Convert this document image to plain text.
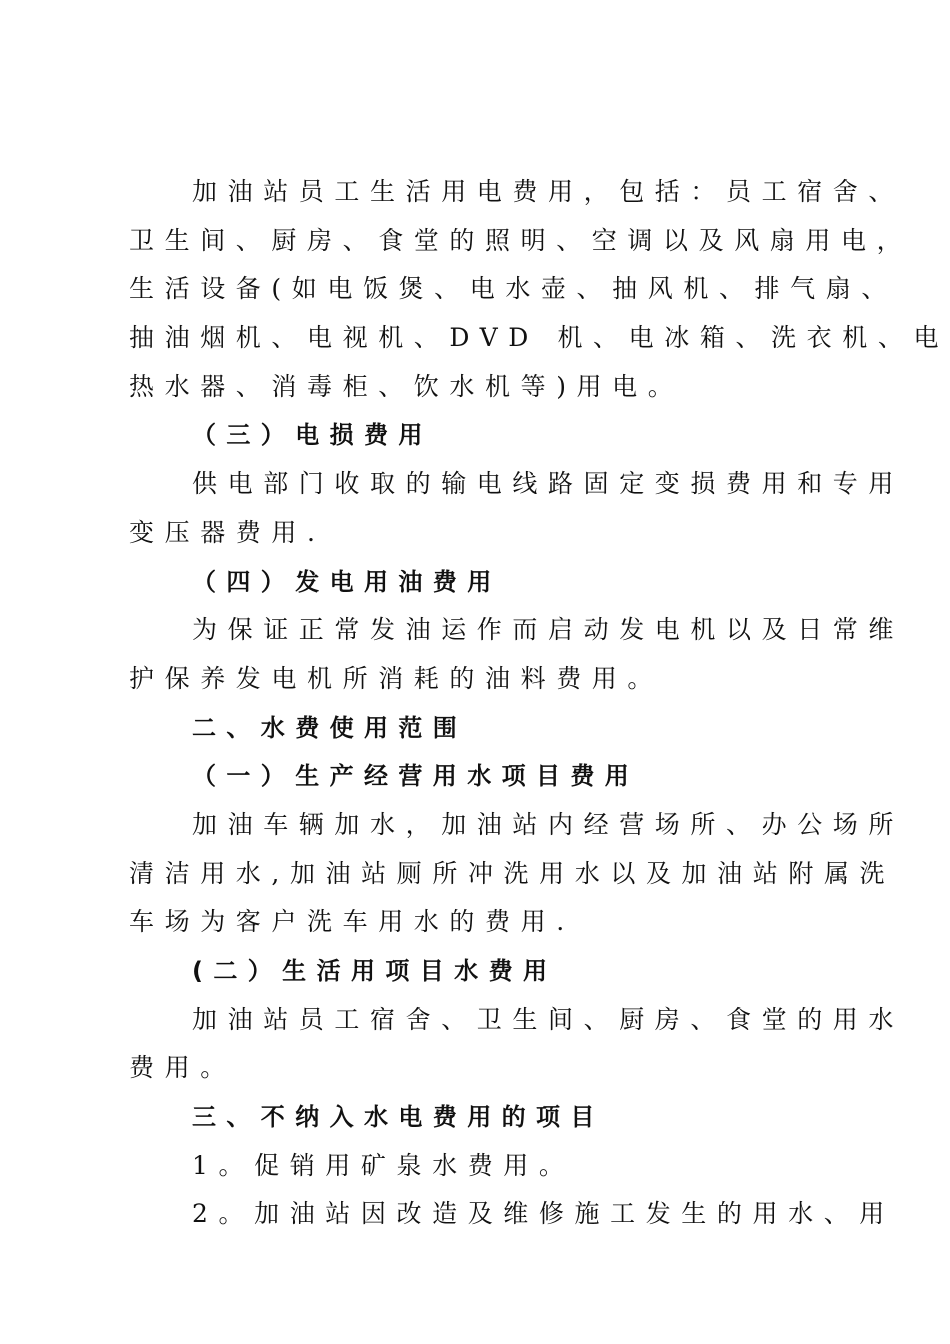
加油站员工生活用电费用，包括：员工宿舍、
卫生间、厨房、食堂的照明、空调以及风扇用电，
生活设备(如电饭煲、电水壶、抽风机、排气扇、
抽油烟机、电视机、DVD 机、电冰箱、洗衣机、电
热水器、消毒柜、饮水机等)用电。
（三）电损费用
供电部门收取的输电线路固定变损费用和专用
变压器费用.
（四）发电用油费用
为保证正常发油运作而启动发电机以及日常维
护保养发电机所消耗的油料费用。
二、水费使用范围
（一）生产经营用水项目费用
加油车辆加水，加油站内经营场所、办公场所
清洁用水,加油站厕所冲洗用水以及加油站附属洗
车场为客户洗车用水的费用.
(二）生活用项目水费用
加油站员工宿舍、卫生间、厨房、食堂的用水
费用。
三、不纳入水电费用的项目
1。促销用矿泉水费用。
2。加油站因改造及维修施工发生的用水、用
